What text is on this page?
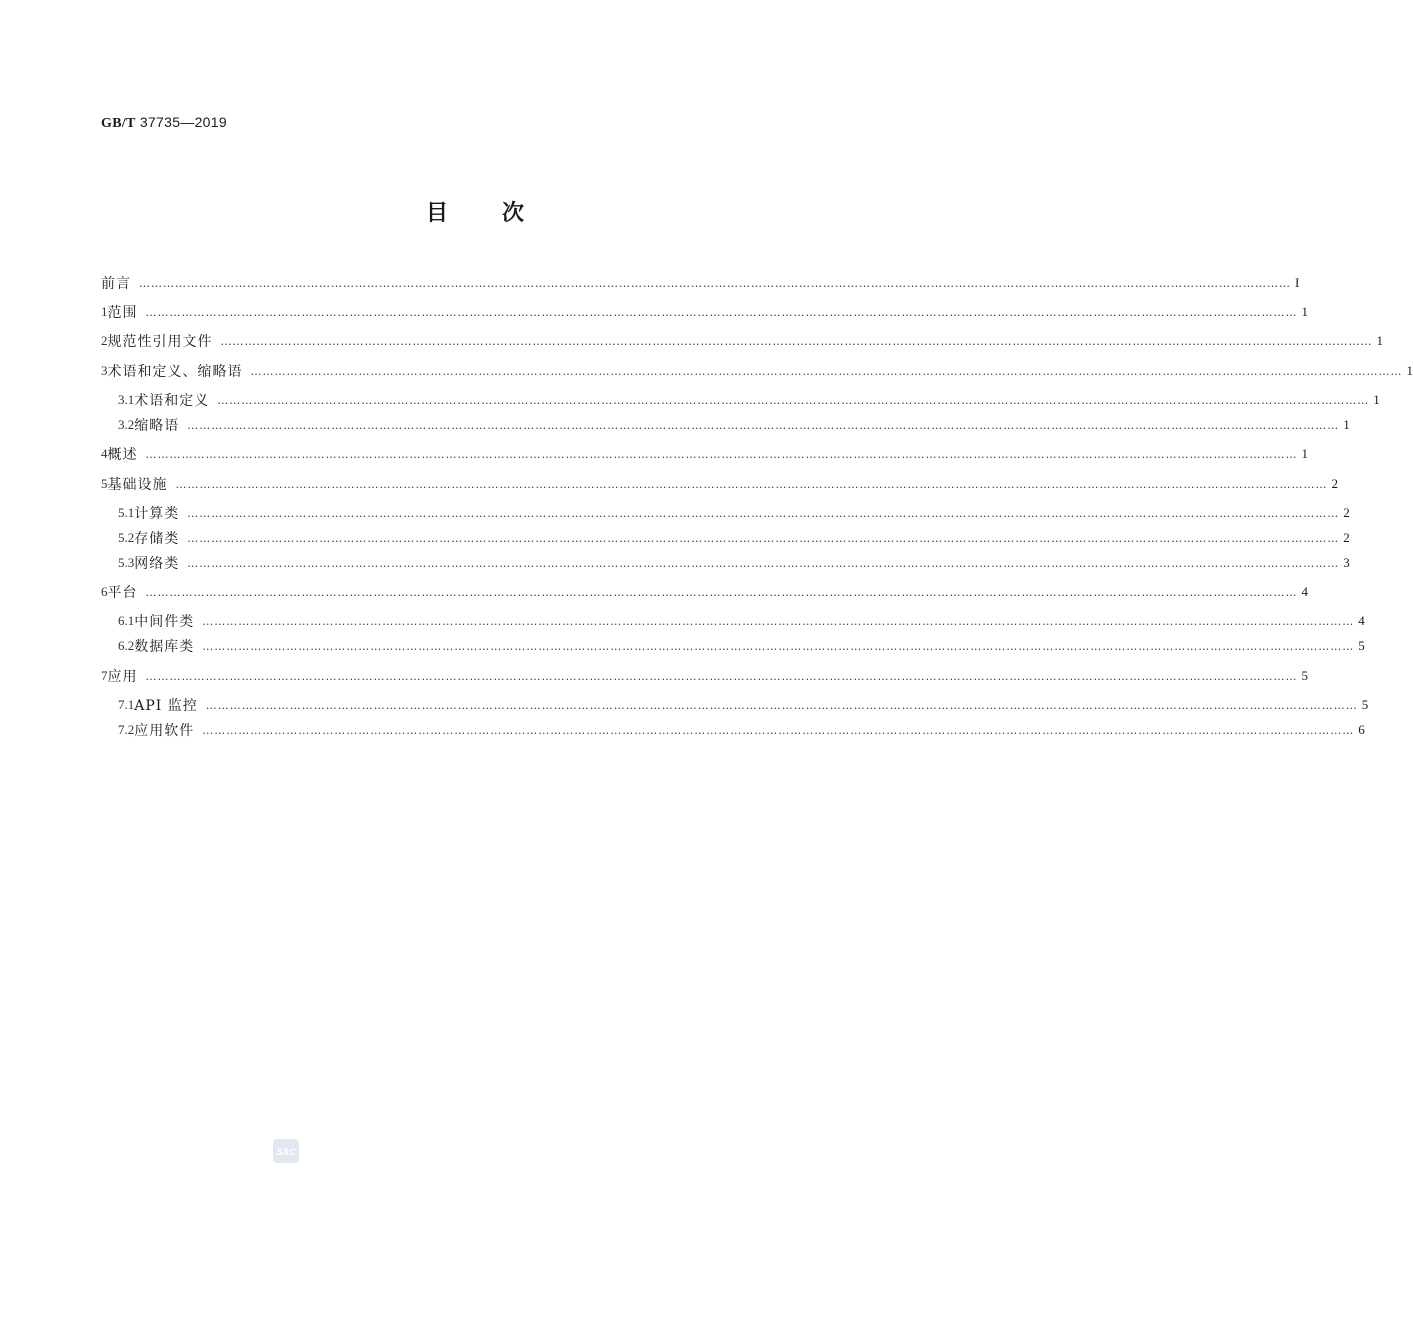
GB/T 37735—2019
目 次
前言 ……………………………………………………………………………………………………………………………………………………………………………………………………………………………………………………………… I
1 范围 ……………………………………………………………………………………………………………………………………………………………………………………………………………………………………………………………… 1
2 规范性引用文件 ……………………………………………………………………………………………………………………………………………………………………………………………………………………………………………………………… 1
3 术语和定义、缩略语 ……………………………………………………………………………………………………………………………………………………………………………………………………………………………………………………………… 1
3.1 术语和定义 ……………………………………………………………………………………………………………………………………………………………………………………………………………………………………………………………… 1
3.2 缩略语 ……………………………………………………………………………………………………………………………………………………………………………………………………………………………………………………………… 1
4 概述 ……………………………………………………………………………………………………………………………………………………………………………………………………………………………………………………………… 1
5 基础设施 ……………………………………………………………………………………………………………………………………………………………………………………………………………………………………………………………… 2
5.1 计算类 ……………………………………………………………………………………………………………………………………………………………………………………………………………………………………………………………… 2
5.2 存储类 ……………………………………………………………………………………………………………………………………………………………………………………………………………………………………………………………… 2
5.3 网络类 ……………………………………………………………………………………………………………………………………………………………………………………………………………………………………………………………… 3
6 平台 ……………………………………………………………………………………………………………………………………………………………………………………………………………………………………………………………… 4
6.1 中间件类 ……………………………………………………………………………………………………………………………………………………………………………………………………………………………………………………………… 4
6.2 数据库类 ……………………………………………………………………………………………………………………………………………………………………………………………………………………………………………………………… 5
7 应用 ……………………………………………………………………………………………………………………………………………………………………………………………………………………………………………………………… 5
7.1 API 监控 ……………………………………………………………………………………………………………………………………………………………………………………………………………………………………………………………… 5
7.2 应用软件 ……………………………………………………………………………………………………………………………………………………………………………………………………………………………………………………………… 6
SAC
